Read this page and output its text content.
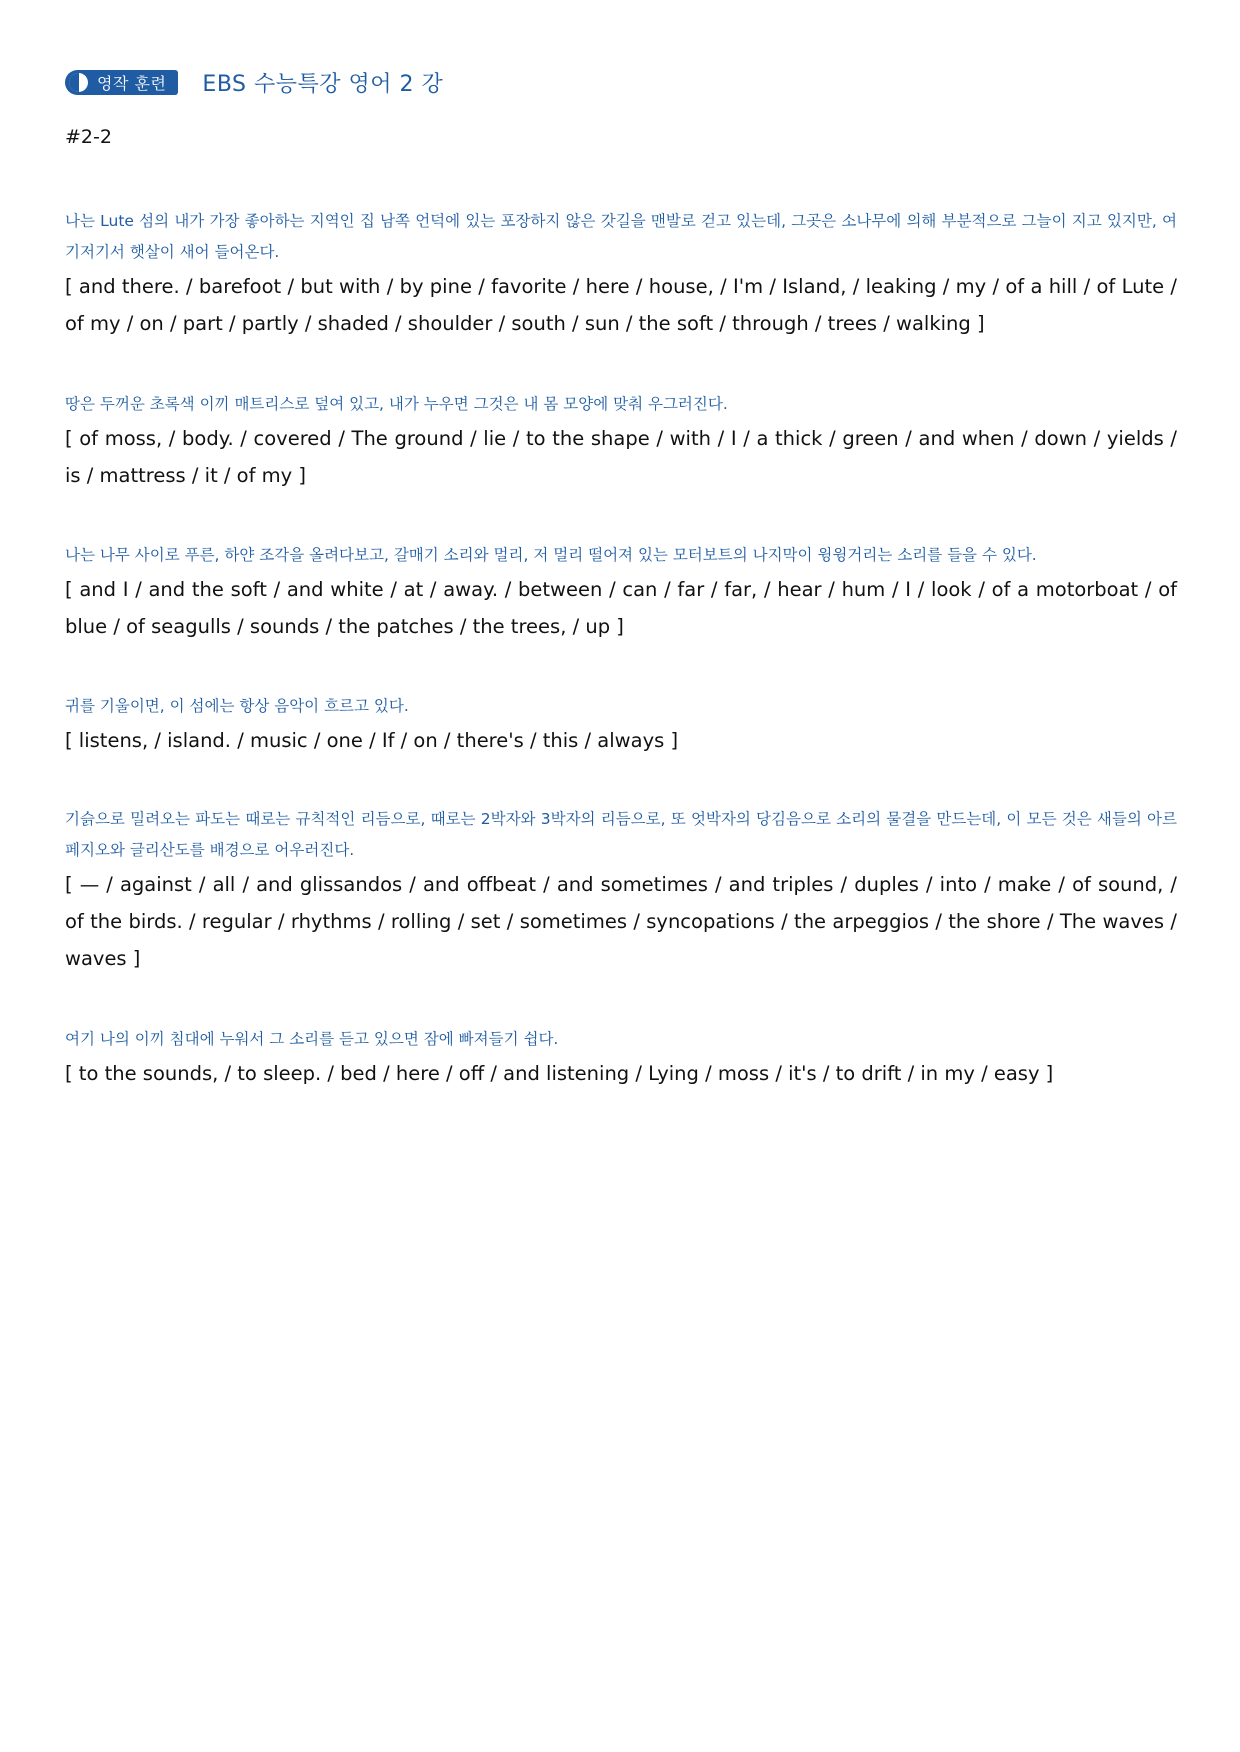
영작 훈련 EBS 수능특강 영어 2 강
#2-2

나는 Lute 섬의 내가 가장 좋아하는 지역인 집 남쪽 언덕에 있는 포장하지 않은 갓길을 맨발로 걷고 있는데, 그곳은 소나무에 의해 부분적으로 그늘이 지고 있지만, 여기저기서 햇살이 새어 들어온다.

[ and there. / barefoot / but with / by pine / favorite / here / house, / I'm / Island, / leaking / my / of a hill / of Lute / of my / on / part / partly / shaded / shoulder / south / sun / the soft / through / trees / walking ]

땅은 두꺼운 초록색 이끼 매트리스로 덮여 있고, 내가 누우면 그것은 내 몸 모양에 맞춰 우그러진다.

[ of moss, / body. / covered / The ground / lie / to the shape / with / I / a thick / green / and when / down / yields / is / mattress / it / of my ]

나는 나무 사이로 푸른, 하얀 조각을 올려다보고, 갈매기 소리와 멀리, 저 멀리 떨어져 있는 모터보트의 나지막이 윙윙거리는 소리를 들을 수 있다.

[ and I / and the soft / and white / at / away. / between / can / far / far, / hear / hum / I / look / of a motorboat / of blue / of seagulls / sounds / the patches / the trees, / up ]

귀를 기울이면, 이 섬에는 항상 음악이 흐르고 있다.

[ listens, / island. / music / one / If / on / there's / this / always ]

기슭으로 밀려오는 파도는 때로는 규칙적인 리듬으로, 때로는 2박자와 3박자의 리듬으로, 또 엇박자의 당김음으로 소리의 물결을 만드는데, 이 모든 것은 새들의 아르페지오와 글리산도를 배경으로 어우러진다.

[ — / against / all / and glissandos / and offbeat / and sometimes / and triples / duples / into / make / of sound, / of the birds. / regular / rhythms / rolling / set / sometimes / syncopations / the arpeggios / the shore / The waves / waves ]

여기 나의 이끼 침대에 누워서 그 소리를 듣고 있으면 잠에 빠져들기 쉽다.

[ to the sounds, / to sleep. / bed / here / off / and listening / Lying / moss / it's / to drift / in my / easy ]
